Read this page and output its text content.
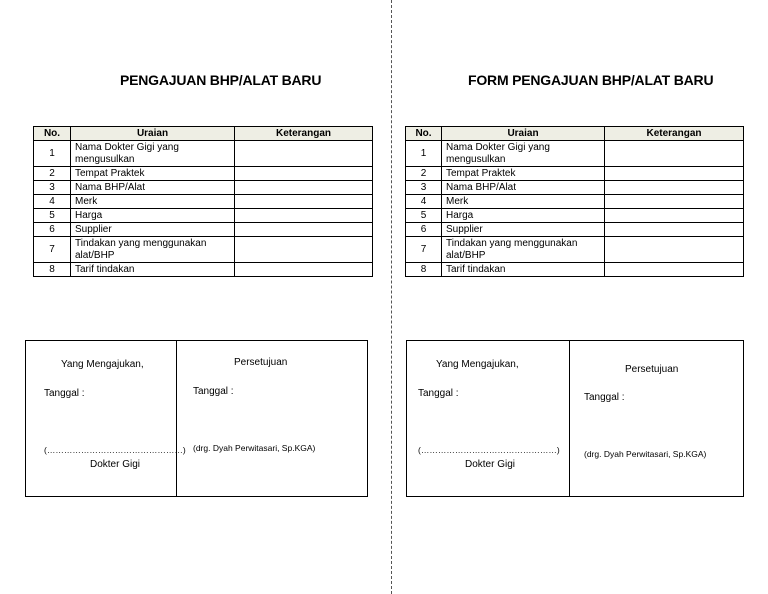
PENGAJUAN BHP/ALAT BARU
No.	Uraian	Keterangan
1	Nama Dokter Gigi yang mengusulkan	
2	Tempat Praktek	
3	Nama BHP/Alat	
4	Merk	
5	Harga	
6	Supplier	
7	Tindakan yang menggunakan alat/BHP	
8	Tarif tindakan	
Yang Mengajukan,
Tanggal :
(…………………………………………)
Dokter Gigi
Persetujuan
Tanggal :
(drg. Dyah Perwitasari, Sp.KGA)
FORM PENGAJUAN BHP/ALAT BARU
No.	Uraian	Keterangan
1	Nama Dokter Gigi yang mengusulkan	
2	Tempat Praktek	
3	Nama BHP/Alat	
4	Merk	
5	Harga	
6	Supplier	
7	Tindakan yang menggunakan alat/BHP	
8	Tarif tindakan	
Yang Mengajukan,
Tanggal :
(…………………………………………)
Dokter Gigi
Persetujuan
Tanggal :
(drg. Dyah Perwitasari, Sp.KGA)
